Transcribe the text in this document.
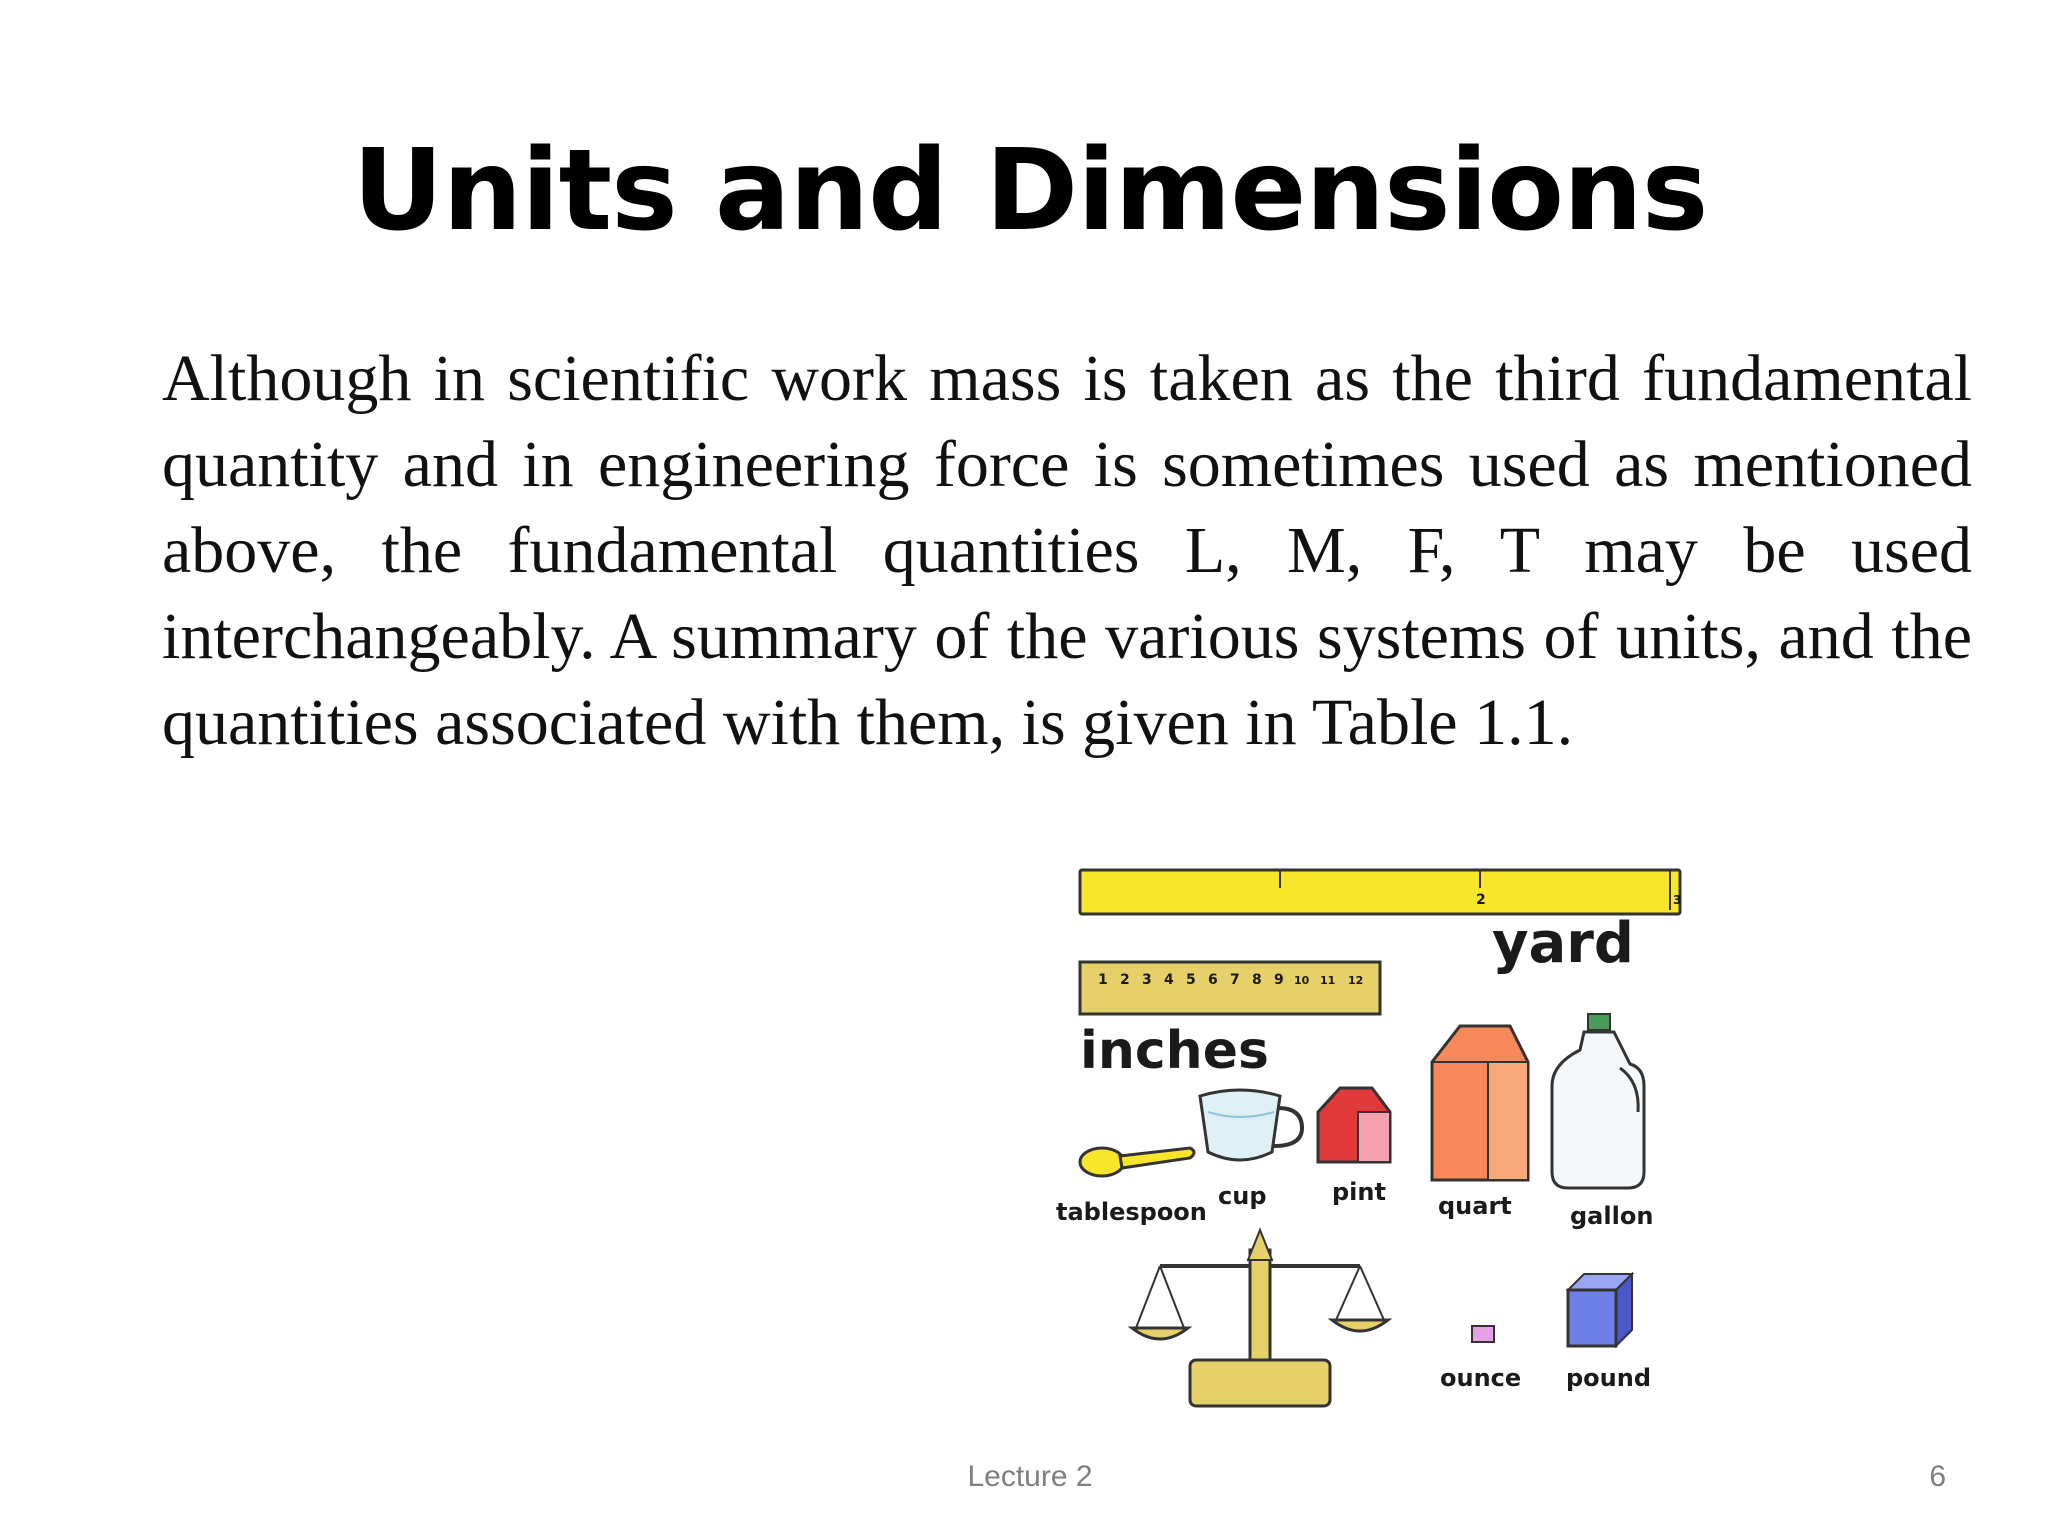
Units and Dimensions

Although in scientific work mass is taken as the third fundamental quantity and in engineering force is sometimes used as mentioned above, the fundamental quantities L, M, F, T may be used interchangeably. A summary of the various systems of units, and the quantities associated with them, is given in Table 1.1.

2	3
yard
1 2 3 4 5 6 7 8 9 10 11 12
inches
tablespoon
cup	pint quart gallon
ounce pound
Lecture 2	6
